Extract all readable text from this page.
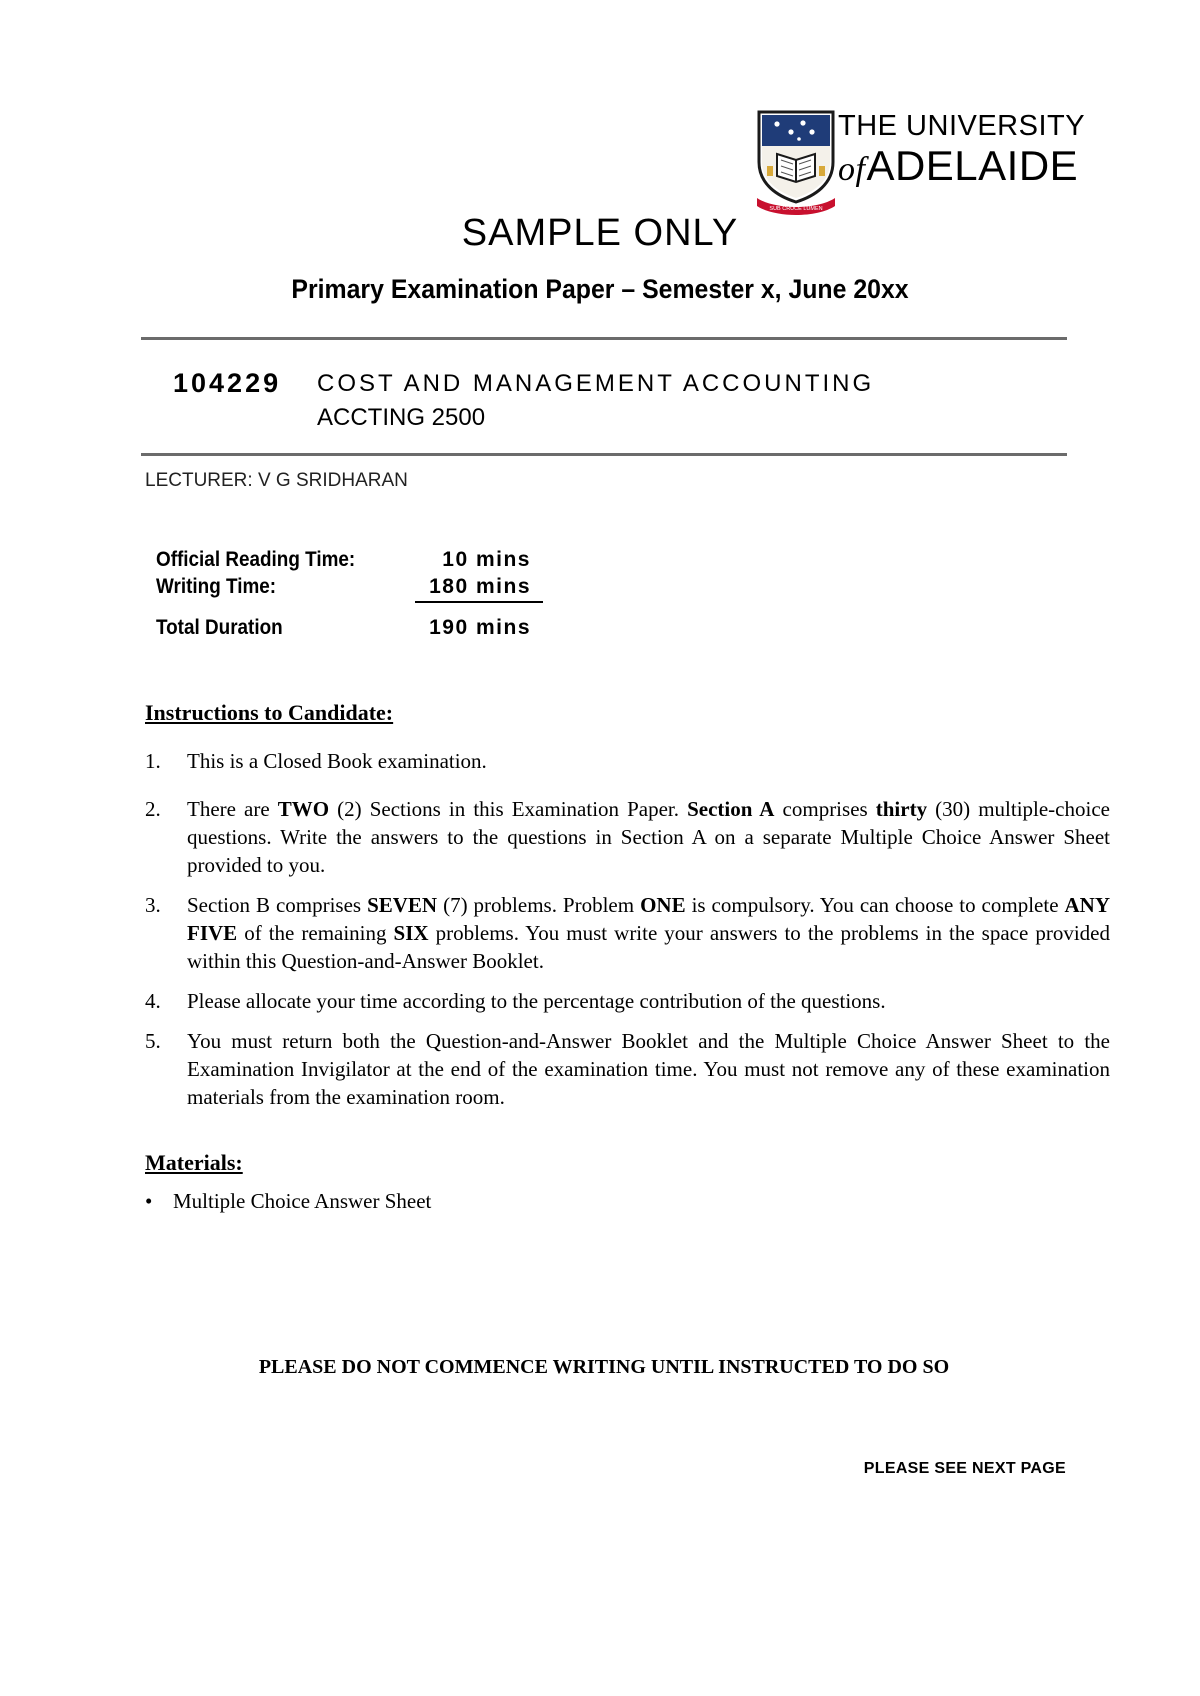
SUB CRUCE LUMEN
THE UNIVERSITY
ofADELAIDE
SAMPLE ONLY
Primary Examination Paper – Semester x, June 20xx
104229 COST AND MANAGEMENT ACCOUNTING
ACCTING 2500
LECTURER: V G SRIDHARAN
Official Reading Time:	10 mins
Writing Time:	180 mins
Total Duration	190 mins
Instructions to Candidate:
1. This is a Closed Book examination.
2. There are TWO (2) Sections in this Examination Paper. Section A comprises thirty (30) multiple-choice questions. Write the answers to the questions in Section A on a separate Multiple Choice Answer Sheet provided to you.
3. Section B comprises SEVEN (7) problems. Problem ONE is compulsory. You can choose to complete ANY FIVE of the remaining SIX problems. You must write your answers to the problems in the space provided within this Question-and-Answer Booklet.
4. Please allocate your time according to the percentage contribution of the questions.
5. You must return both the Question-and-Answer Booklet and the Multiple Choice Answer Sheet to the Examination Invigilator at the end of the examination time. You must not remove any of these examination materials from the examination room.
Materials:
• Multiple Choice Answer Sheet
PLEASE DO NOT COMMENCE WRITING UNTIL INSTRUCTED TO DO SO
PLEASE SEE NEXT PAGE
